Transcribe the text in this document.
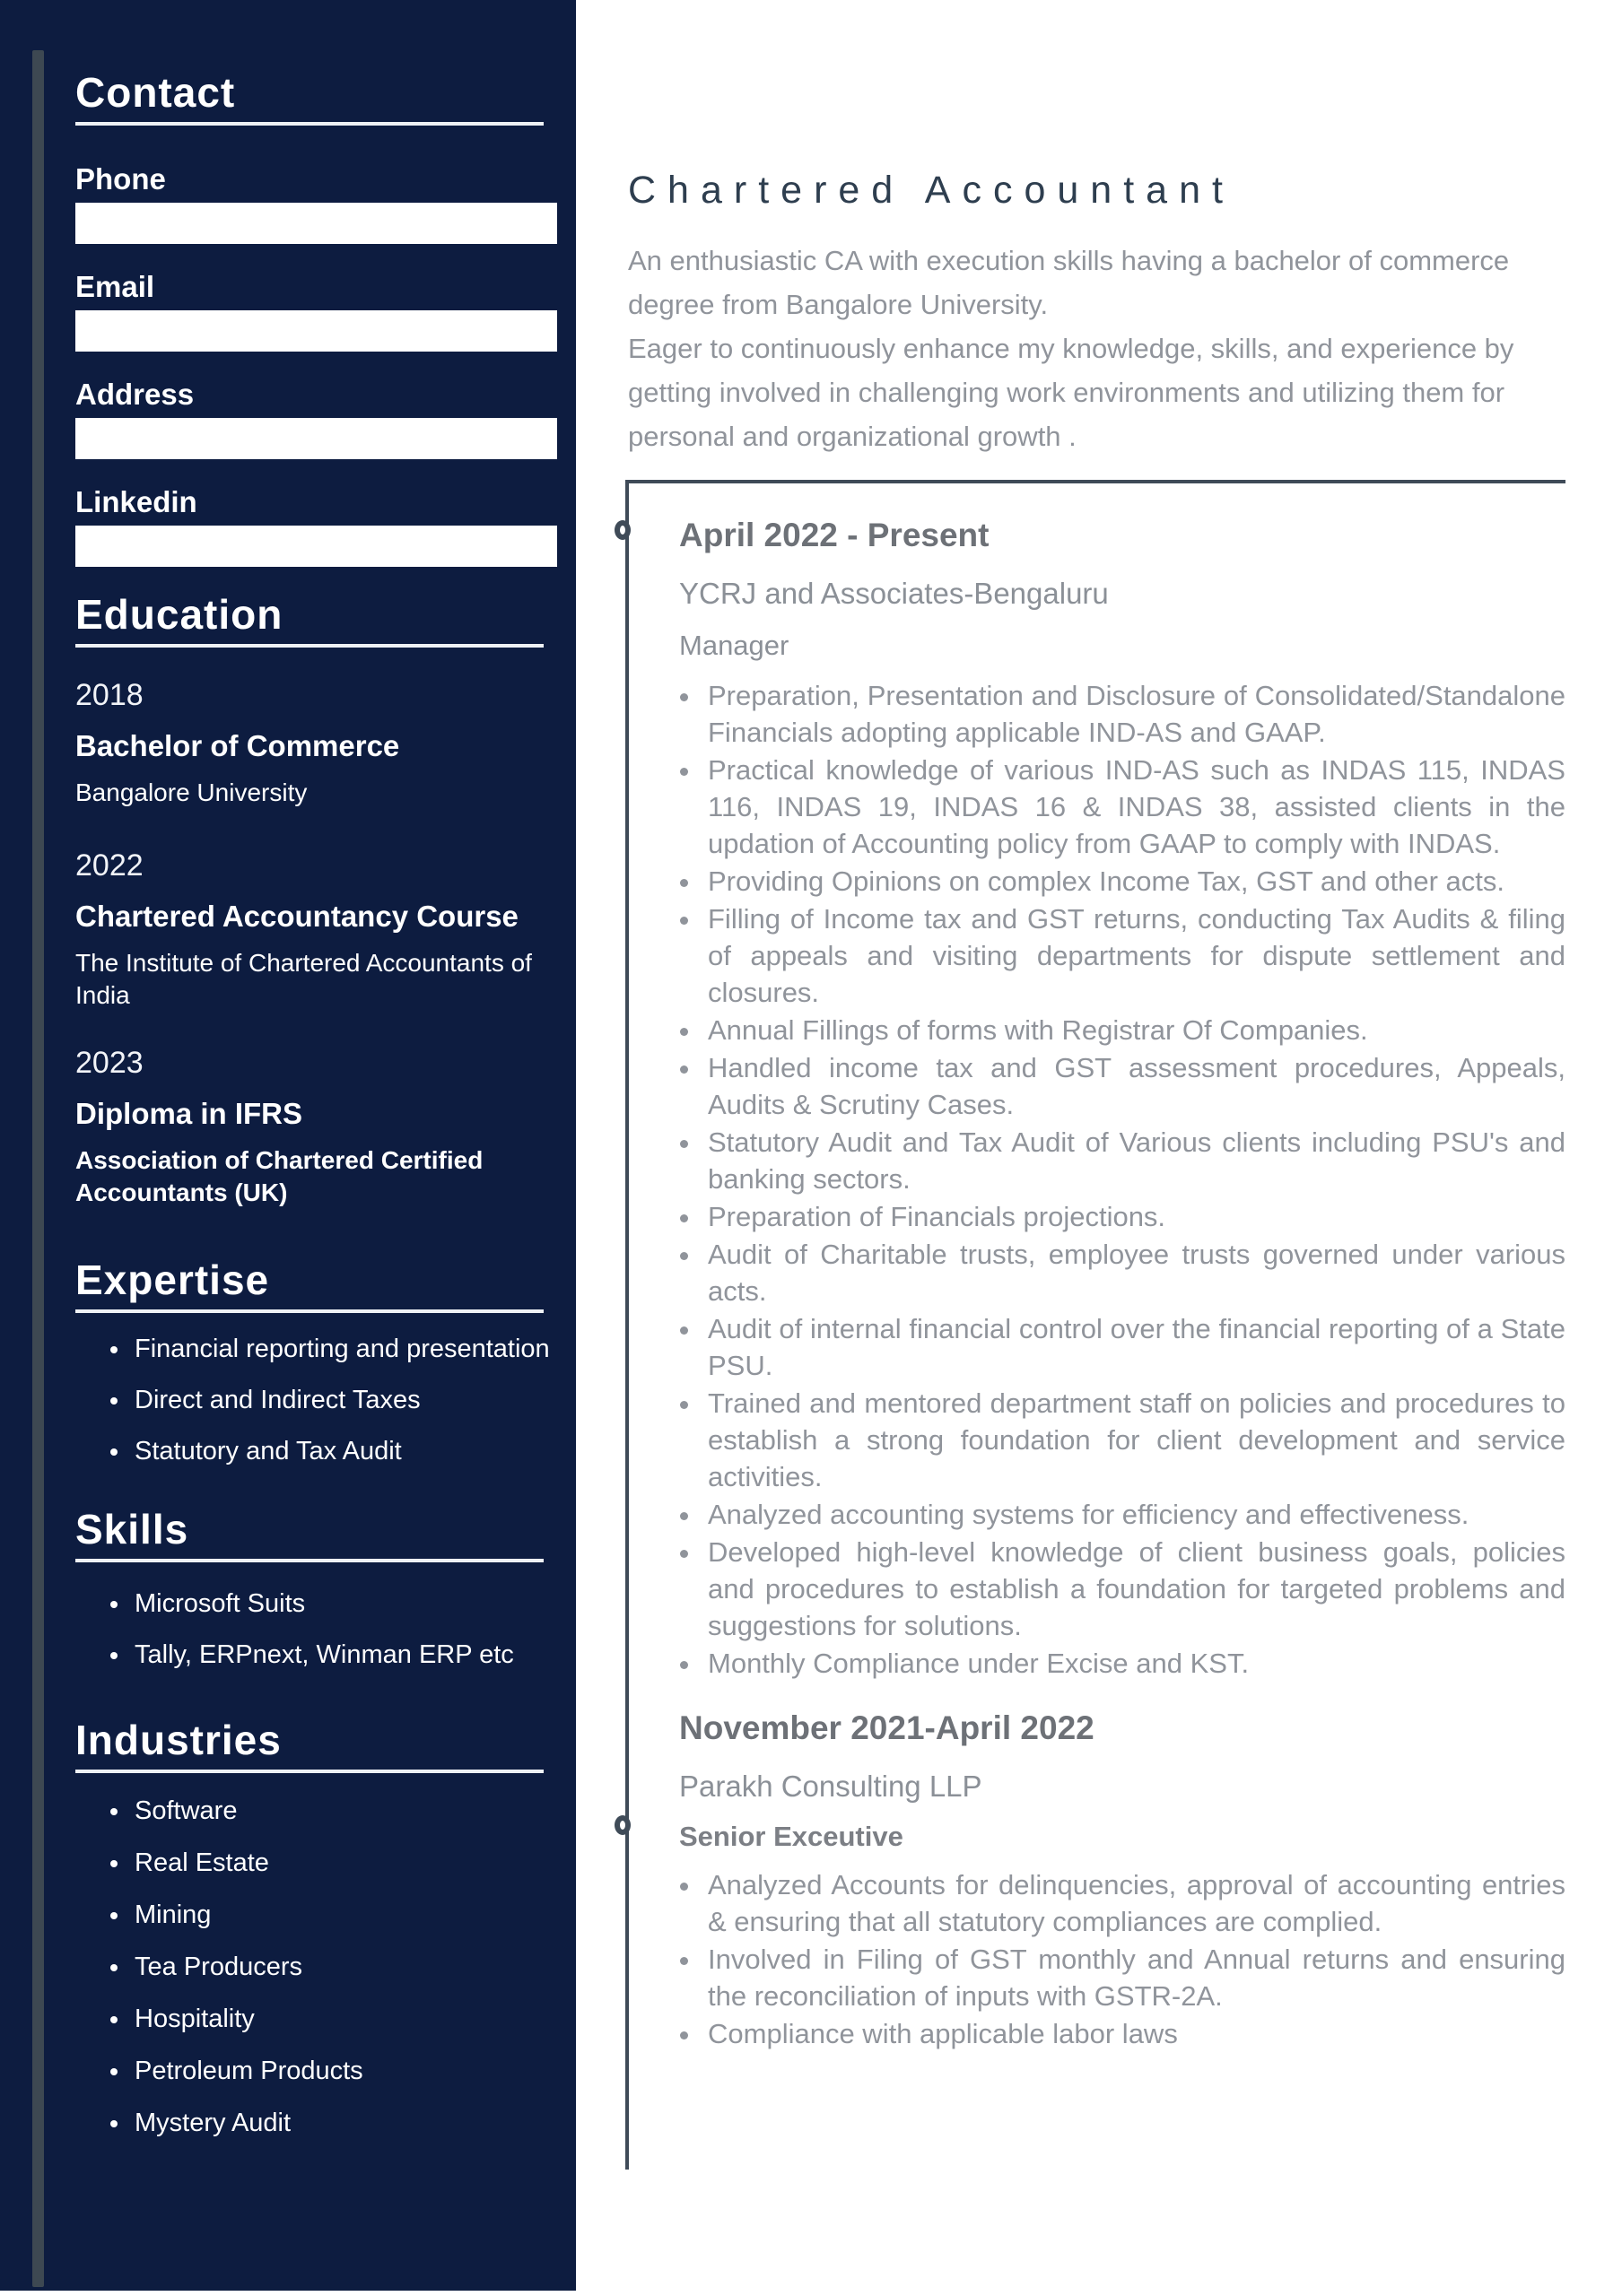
Contact
Phone
Email
Address
Linkedin
Education
2018
Bachelor of Commerce
Bangalore University
2022
Chartered Accountancy Course
The Institute of Chartered Accountants of India
2023
Diploma in IFRS
Association of Chartered Certified Accountants (UK)
Expertise
• Financial reporting and presentation
• Direct and Indirect Taxes
• Statutory and Tax Audit
Skills
• Microsoft Suits
• Tally, ERPnext, Winman ERP etc
Industries
• Software
• Real Estate
• Mining
• Tea Producers
• Hospitality
• Petroleum Products
• Mystery Audit
Chartered Accountant

An enthusiastic CA with execution skills having a bachelor of commerce degree from Bangalore University.

Eager to continuously enhance my knowledge, skills, and experience by getting involved in challenging work environments and utilizing them for personal and organizational growth .

April 2022 - Present
YCRJ and Associates-Bengaluru
Manager
• Preparation, Presentation and Disclosure of Consolidated/Standalone Financials adopting applicable IND-AS and GAAP.
• Practical knowledge of various IND-AS such as INDAS 115, INDAS 116, INDAS 19, INDAS 16 & INDAS 38, assisted clients in the updation of Accounting policy from GAAP to comply with INDAS.
• Providing Opinions on complex Income Tax, GST and other acts.
• Filling of Income tax and GST returns, conducting Tax Audits & filing of appeals and visiting departments for dispute settlement and closures.
• Annual Fillings of forms with Registrar Of Companies.
• Handled income tax and GST assessment procedures, Appeals, Audits & Scrutiny Cases.
• Statutory Audit and Tax Audit of Various clients including PSU's and banking sectors.
• Preparation of Financials projections.
• Audit of Charitable trusts, employee trusts governed under various acts.
• Audit of internal financial control over the financial reporting of a State PSU.
• Trained and mentored department staff on policies and procedures to establish a strong foundation for client development and service activities.
• Analyzed accounting systems for efficiency and effectiveness.
• Developed high-level knowledge of client business goals, policies and procedures to establish a foundation for targeted problems and suggestions for solutions.
• Monthly Compliance under Excise and KST.
November 2021-April 2022
Parakh Consulting LLP
Senior Exceutive
• Analyzed Accounts for delinquencies, approval of accounting entries & ensuring that all statutory compliances are complied.
• Involved in Filing of GST monthly and Annual returns and ensuring the reconciliation of inputs with GSTR-2A.
• Compliance with applicable labor laws
